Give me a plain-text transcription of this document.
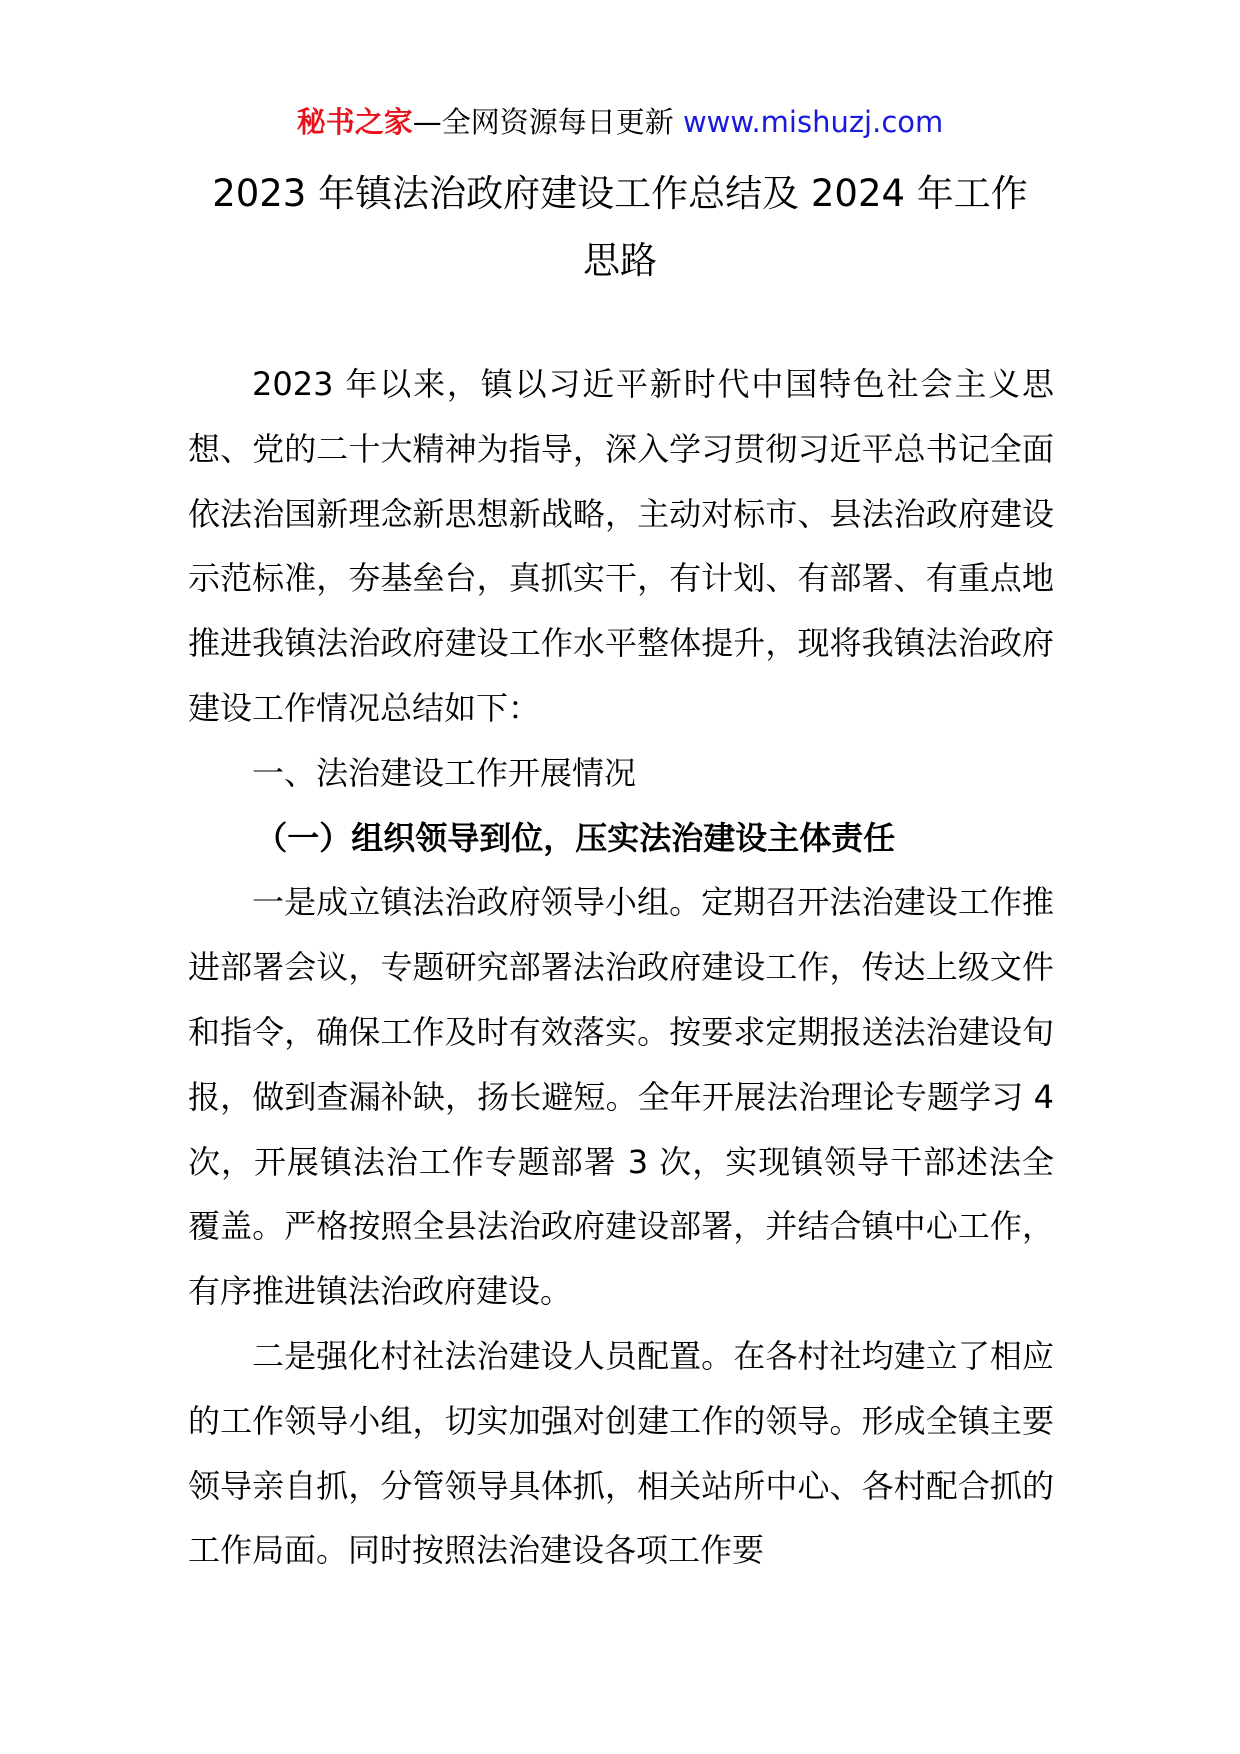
秘书之家—全网资源每日更新 www.mishuzj.com
2023 年镇法治政府建设工作总结及 2024 年工作
思路

2023 年以来，镇以习近平新时代中国特色社会主义思想、党的二十大精神为指导，深入学习贯彻习近平总书记全面依法治国新理念新思想新战略，主动对标市、县法治政府建设示范标准，夯基垒台，真抓实干，有计划、有部署、有重点地推进我镇法治政府建设工作水平整体提升，现将我镇法治政府建设工作情况总结如下：

一、法治建设工作开展情况

（一）组织领导到位，压实法治建设主体责任

一是成立镇法治政府领导小组。定期召开法治建设工作推进部署会议，专题研究部署法治政府建设工作，传达上级文件和指令，确保工作及时有效落实。按要求定期报送法治建设旬报，做到查漏补缺，扬长避短。全年开展法治理论专题学习 4 次，开展镇法治工作专题部署 3 次，实现镇领导干部述法全覆盖。严格按照全县法治政府建设部署，并结合镇中心工作，有序推进镇法治政府建设。

二是强化村社法治建设人员配置。在各村社均建立了相应的工作领导小组，切实加强对创建工作的领导。形成全镇主要领导亲自抓，分管领导具体抓，相关站所中心、各村配合抓的工作局面。同时按照法治建设各项工作要
